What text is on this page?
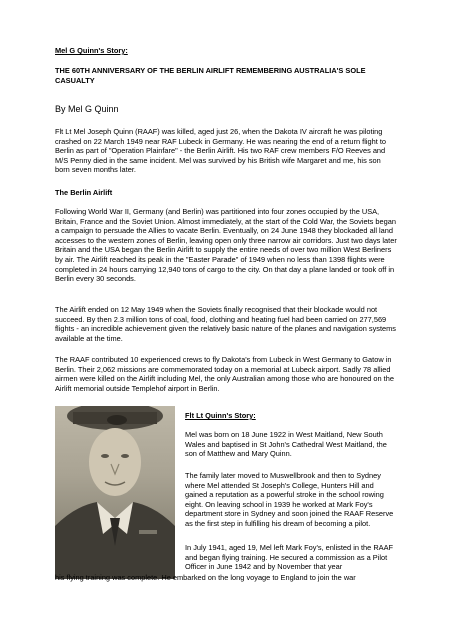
Mel G Quinn's Story:

THE 60TH ANNIVERSARY OF THE BERLIN AIRLIFT REMEMBERING AUSTRALIA'S SOLE CASUALTY

By Mel G Quinn

Flt Lt Mel Joseph Quinn (RAAF) was killed, aged just 26, when the Dakota IV aircraft he was piloting crashed on 22 March 1949 near RAF Lubeck in Germany. He was nearing the end of a return flight to Berlin as part of "Operation Plainfare" - the Berlin Airlift. His two RAF crew members F/O Reeves and M/S Penny died in the same incident. Mel was survived by his British wife Margaret and me, his son born seven months later.

The Berlin Airlift

Following World War II, Germany (and Berlin) was partitioned into four zones occupied by the USA, Britain, France and the Soviet Union. Almost immediately, at the start of the Cold War, the Soviets began a campaign to persuade the Allies to vacate Berlin. Eventually, on 24 June 1948 they blockaded all land accesses to the western zones of Berlin, leaving open only three narrow air corridors. Just two days later Britain and the USA began the Berlin Airlift to supply the entire needs of over two million West Berliners by air. The Airlift reached its peak in the "Easter Parade" of 1949 when no less than 1398 flights were completed in 24 hours carrying 12,940 tons of cargo to the city. On that day a plane landed or took off in Berlin every 30 seconds.

The Airlift ended on 12 May 1949 when the Soviets finally recognised that their blockade would not succeed. By then 2.3 million tons of coal, food, clothing and heating fuel had been carried on 277,569 flights - an incredible achievement given the relatively basic nature of the planes and navigation systems available at the time.

The RAAF contributed 10 experienced crews to fly Dakota's from Lubeck in West Germany to Gatow in Berlin. Their 2,062 missions are commemorated today on a memorial at Lubeck airport. Sadly 78 allied airmen were killed on the Airlift including Mel, the only Australian among those who are honoured on the Airlift memorial outside Templehof airport in Berlin.

Flt Lt Quinn's Story:

Mel was born on 18 June 1922 in West Maitland, New South Wales and baptised in St John's Cathedral West Maitland, the son of Matthew and Mary Quinn.

The family later moved to Muswellbrook and then to Sydney where Mel attended St Joseph's College, Hunters Hill and gained a reputation as a powerful stroke in the school rowing eight. On leaving school in 1939 he worked at Mark Foy's department store in Sydney and soon joined the RAAF Reserve as the first step in fulfilling his dream of becoming a pilot.

In July 1941, aged 19, Mel left Mark Foy's, enlisted in the RAAF and began flying training. He secured a commission as a Pilot Officer in June 1942 and by November that year

his flying training was complete. He embarked on the long voyage to England to join the war
